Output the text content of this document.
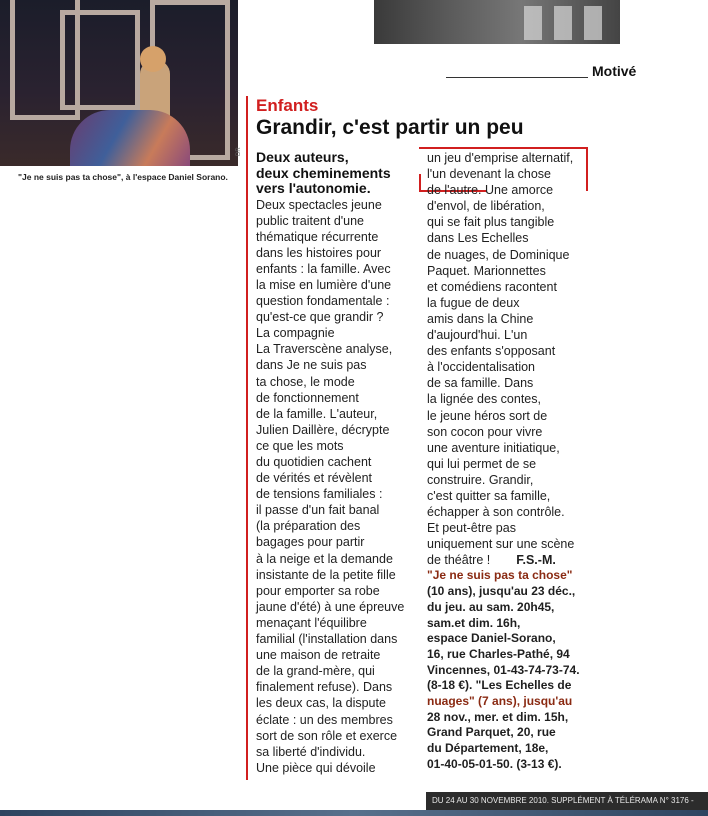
"Je ne suis pas ta chose", à l'espace Daniel Sorano.
DR
Motivé
Enfants
Grandir, c'est partir un peu
Deux auteurs,
deux cheminements
vers l'autonomie.
Deux spectacles jeune
public traitent d'une
thématique récurrente
dans les histoires pour
enfants : la famille. Avec
la mise en lumière d'une
question fondamentale :
qu'est-ce que grandir ?
La compagnie
La Traverscène analyse,
dans Je ne suis pas
ta chose, le mode
de fonctionnement
de la famille. L'auteur,
Julien Daillère, décrypte
ce que les mots
du quotidien cachent
de vérités et révèlent
de tensions familiales :
il passe d'un fait banal
(la préparation des
bagages pour partir
à la neige et la demande
insistante de la petite fille
pour emporter sa robe
jaune d'été) à une épreuve
menaçant l'équilibre
familial (l'installation dans
une maison de retraite
de la grand-mère, qui
finalement refuse). Dans
les deux cas, la dispute
éclate : un des membres
sort de son rôle et exerce
sa liberté d'individu.
Une pièce qui dévoile
un jeu d'emprise alternatif,
l'un devenant la chose
de l'autre. Une amorce
d'envol, de libération,
qui se fait plus tangible
dans Les Echelles
de nuages, de Dominique
Paquet. Marionnettes
et comédiens racontent
la fugue de deux
amis dans la Chine
d'aujourd'hui. L'un
des enfants s'opposant
à l'occidentalisation
de sa famille. Dans
la lignée des contes,
le jeune héros sort de
son cocon pour vivre
une aventure initiatique,
qui lui permet de se
construire. Grandir,
c'est quitter sa famille,
échapper à son contrôle.
Et peut-être pas
uniquement sur une scène
de théâtre ! F.S.-M.
"Je ne suis pas ta chose"
(10 ans), jusqu'au 23 déc.,
du jeu. au sam. 20h45,
sam.et dim. 16h,
espace Daniel-Sorano,
16, rue Charles-Pathé, 94
Vincennes, 01-43-74-73-74.
(8-18 €). "Les Echelles de
nuages" (7 ans), jusqu'au
28 nov., mer. et dim. 15h,
Grand Parquet, 20, rue
du Département, 18e,
01-40-05-01-50. (3-13 €).
DU 24 AU 30 NOVEMBRE 2010. SUPPLÉMENT À TÉLÉRAMA N° 3176 -
